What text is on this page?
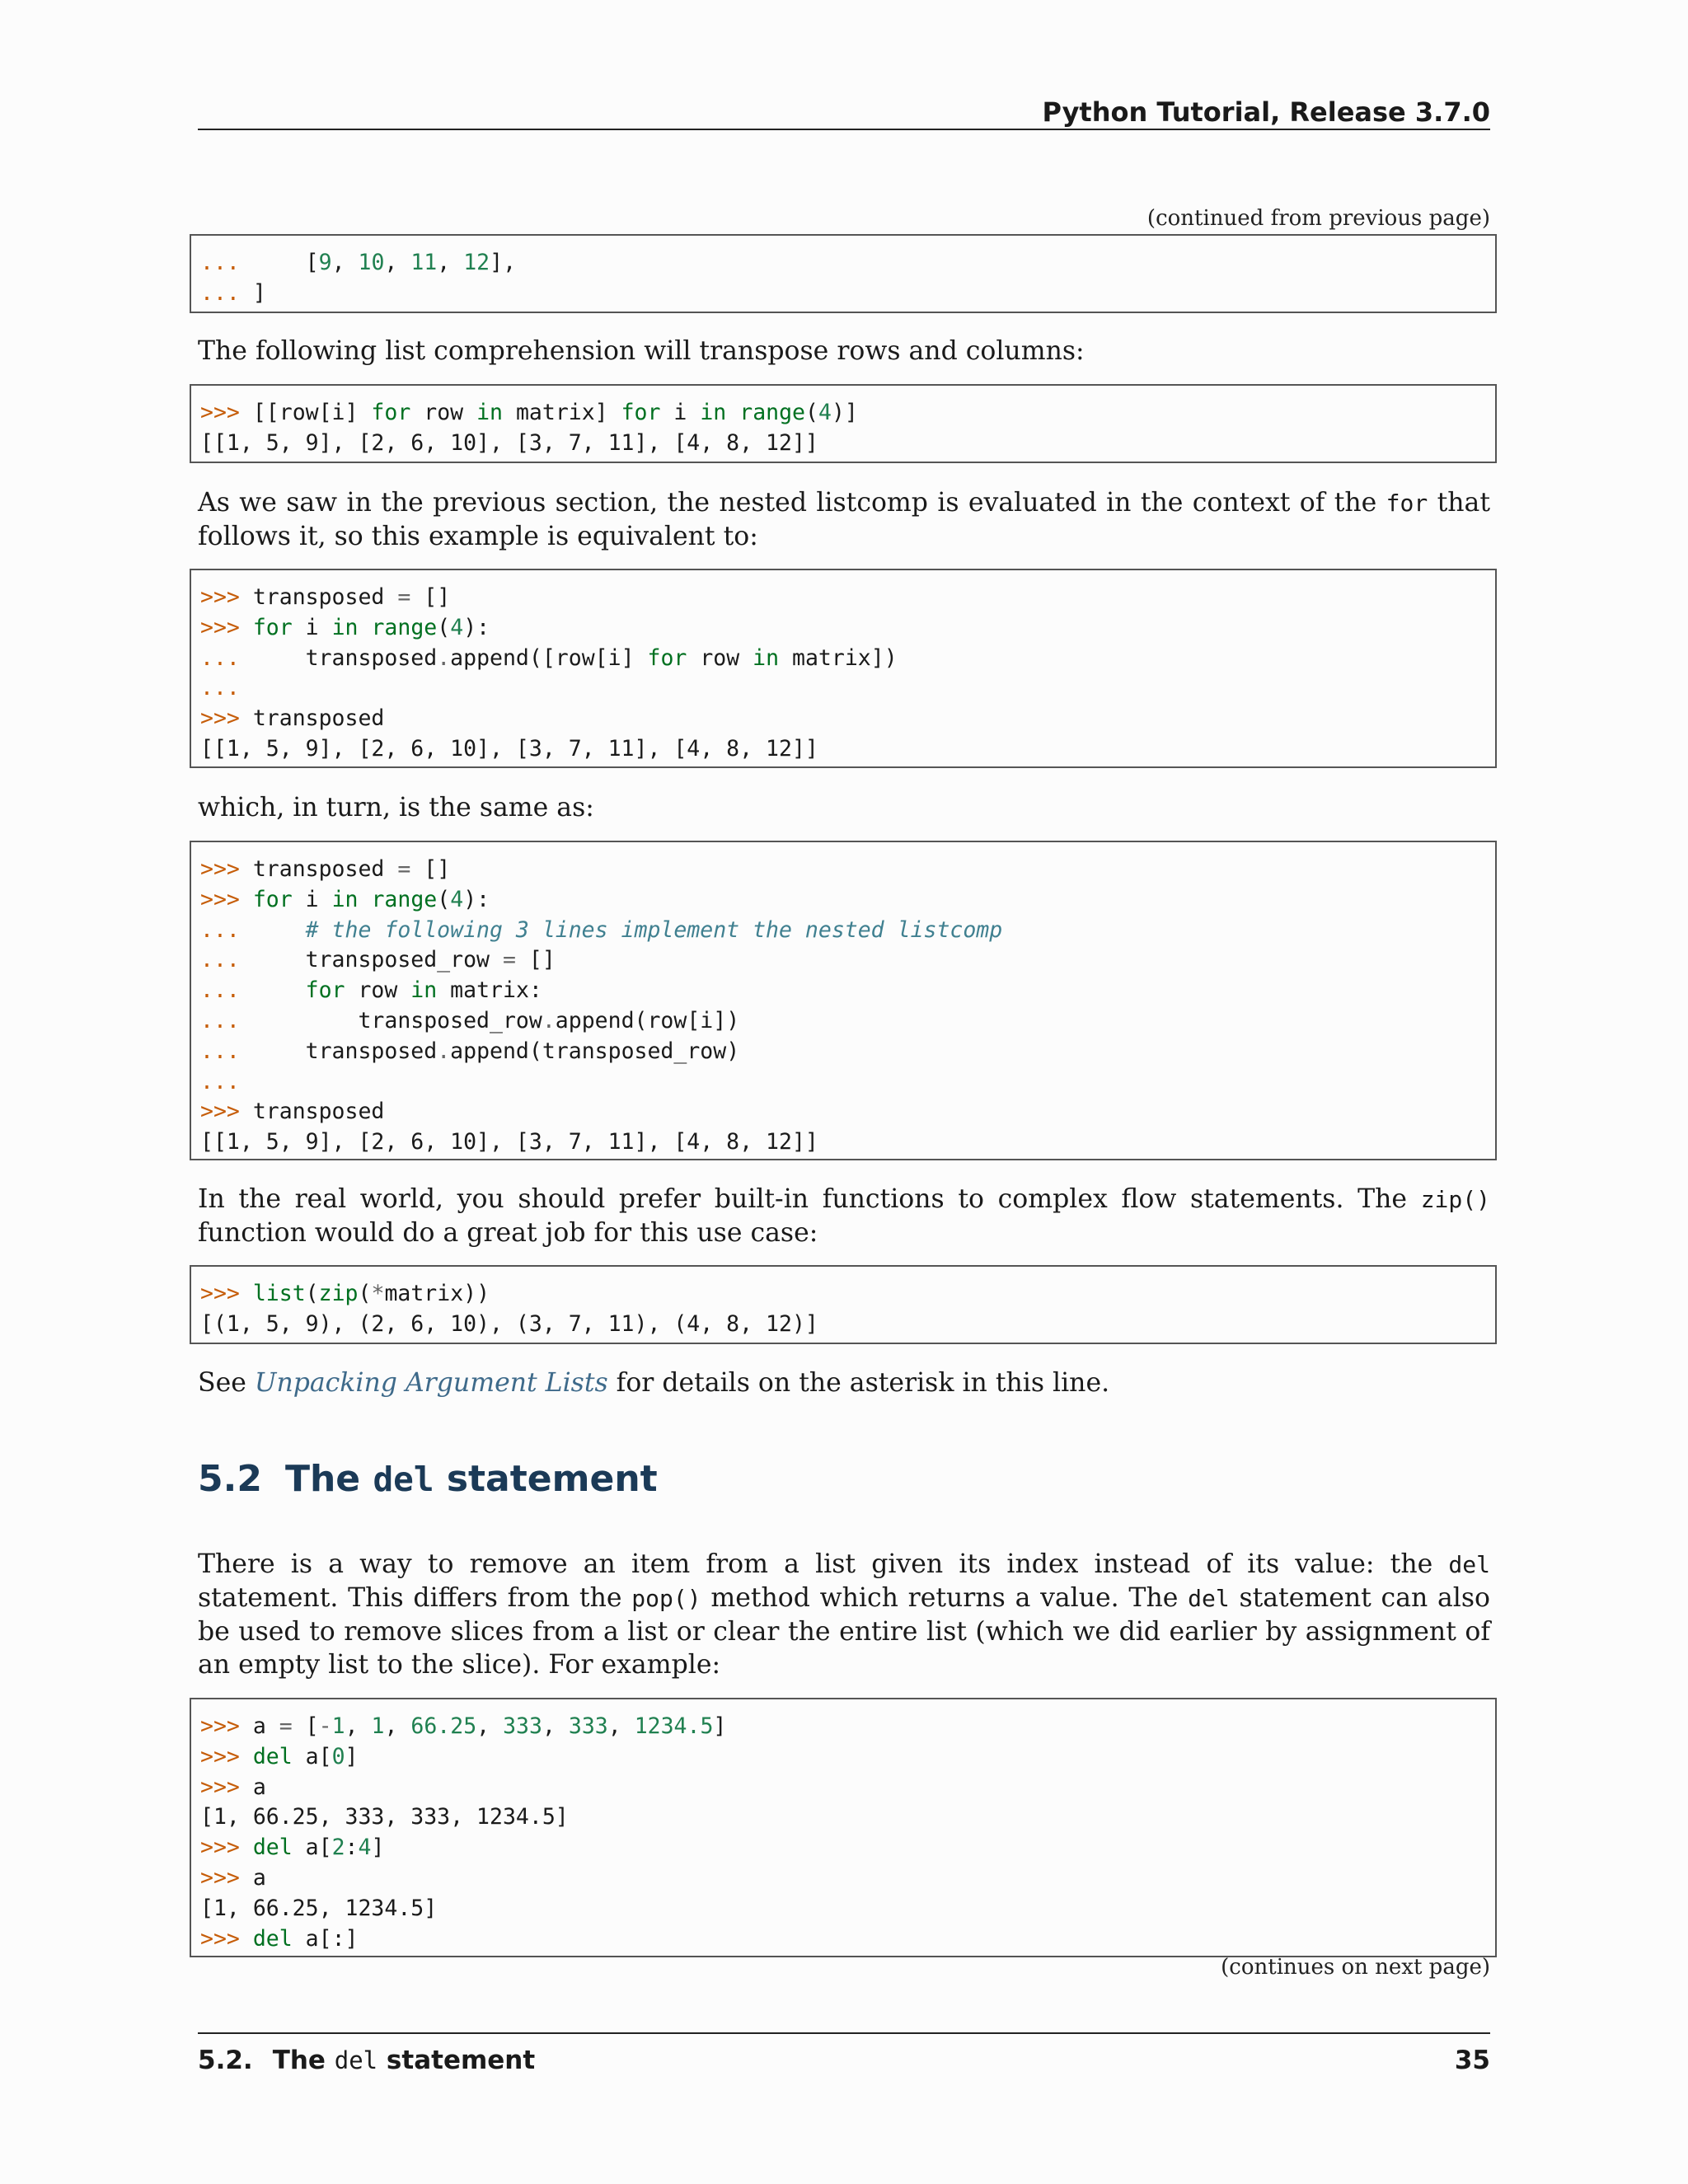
Python Tutorial, Release 3.7.0
(continued from previous page)
...     [9, 10, 11, 12],
... ]
The following list comprehension will transpose rows and columns:
>>> [[row[i] for row in matrix] for i in range(4)]
[[1, 5, 9], [2, 6, 10], [3, 7, 11], [4, 8, 12]]
As we saw in the previous section, the nested listcomp is evaluated in the context of the for that follows it, so this example is equivalent to:
>>> transposed = []
>>> for i in range(4):
...     transposed.append([row[i] for row in matrix])
...
>>> transposed
[[1, 5, 9], [2, 6, 10], [3, 7, 11], [4, 8, 12]]
which, in turn, is the same as:
>>> transposed = []
>>> for i in range(4):
...     # the following 3 lines implement the nested listcomp
...     transposed_row = []
...     for row in matrix:
...         transposed_row.append(row[i])
...     transposed.append(transposed_row)
...
>>> transposed
[[1, 5, 9], [2, 6, 10], [3, 7, 11], [4, 8, 12]]
In the real world, you should prefer built-in functions to complex flow statements. The zip() function would do a great job for this use case:
>>> list(zip(*matrix))
[(1, 5, 9), (2, 6, 10), (3, 7, 11), (4, 8, 12)]
See Unpacking Argument Lists for details on the asterisk in this line.
5.2 The del statement
There is a way to remove an item from a list given its index instead of its value: the del statement. This differs from the pop() method which returns a value. The del statement can also be used to remove slices from a list or clear the entire list (which we did earlier by assignment of an empty list to the slice). For example:
>>> a = [-1, 1, 66.25, 333, 333, 1234.5]
>>> del a[0]
>>> a
[1, 66.25, 333, 333, 1234.5]
>>> del a[2:4]
>>> a
[1, 66.25, 1234.5]
>>> del a[:]
(continues on next page)
5.2. The del statement	35
